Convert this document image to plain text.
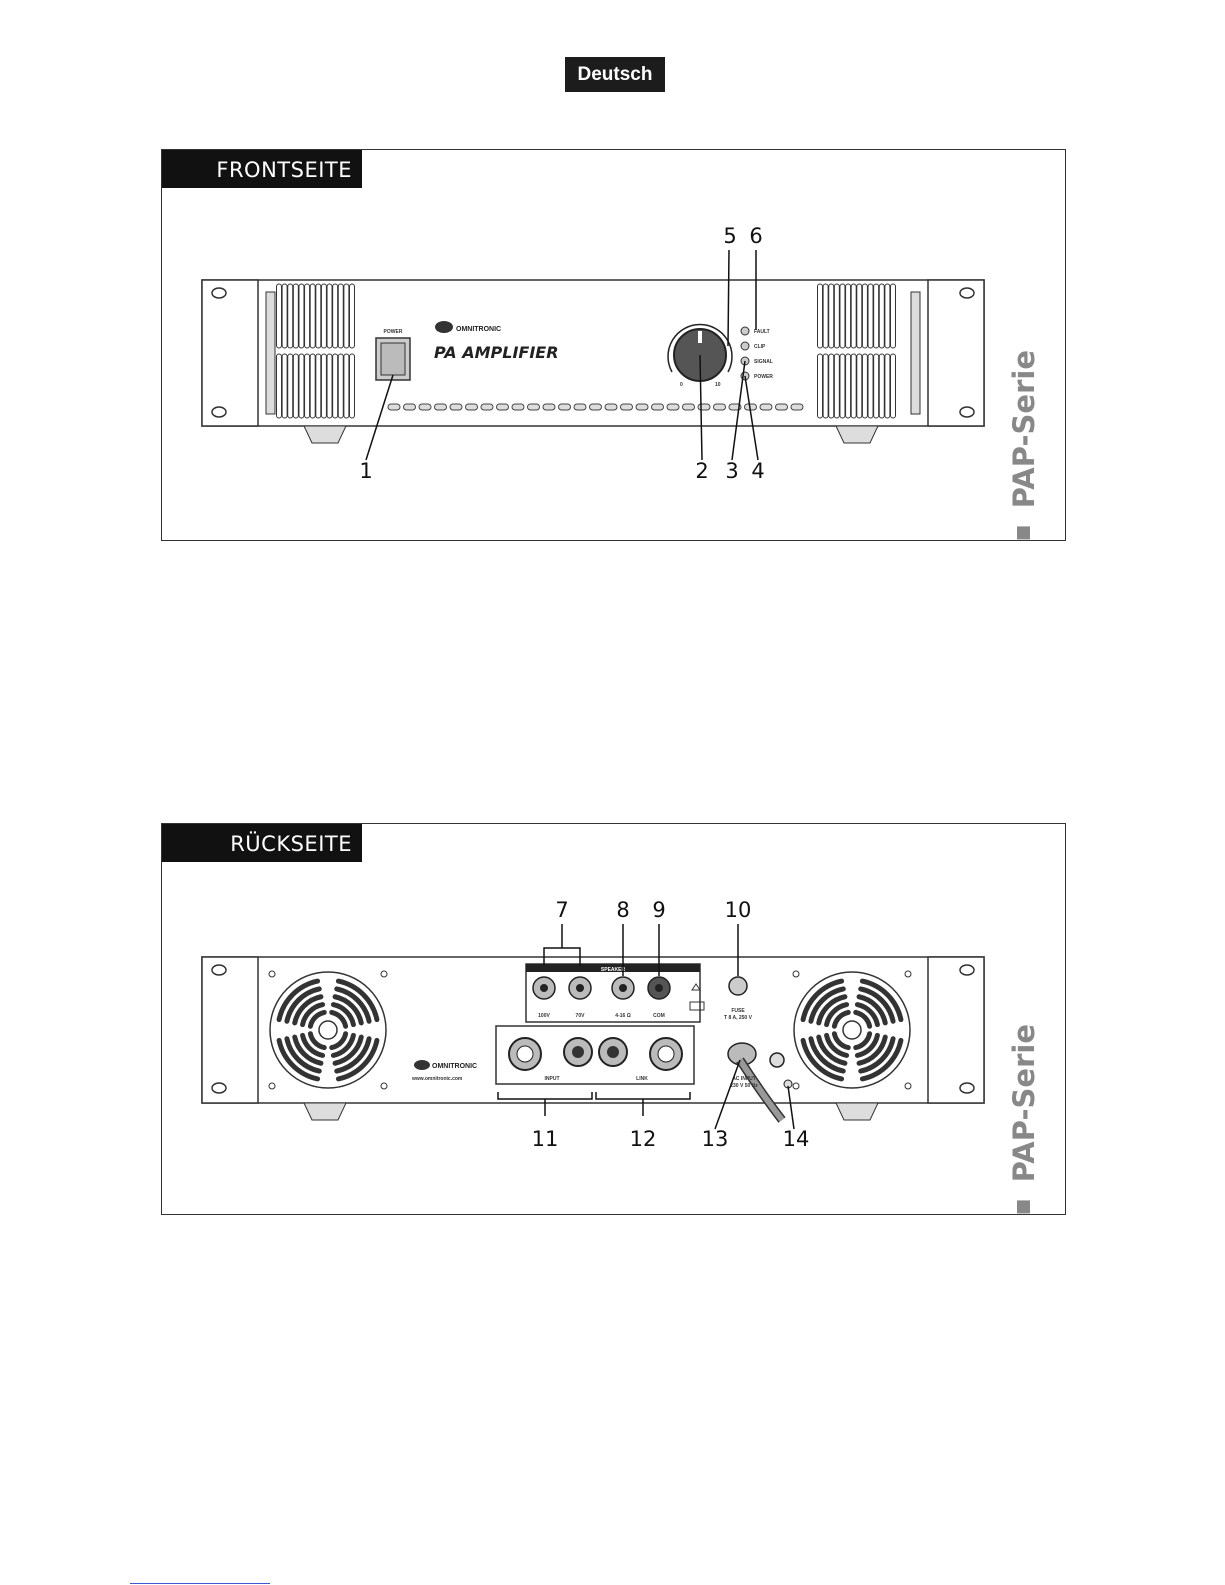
Deutsch
FRONTSEITE
POWER	OMNITRONIC
PA AMPLIFIER
0	10
FAULT
CLIP
SIGNAL
POWER
1	2 3 4
5 6
PAP-Serie
RÜCKSEITE
OMNITRONIC
www.omnitronic.com
SPEAKER
100V	70V	4-16 Ω	COM
FUSE
T 8 A, 250 V
INPUT	LINK	AC INPUT
230 V 50 Hz
7 8 9	10
11	12 13	14	PAP-Serie
